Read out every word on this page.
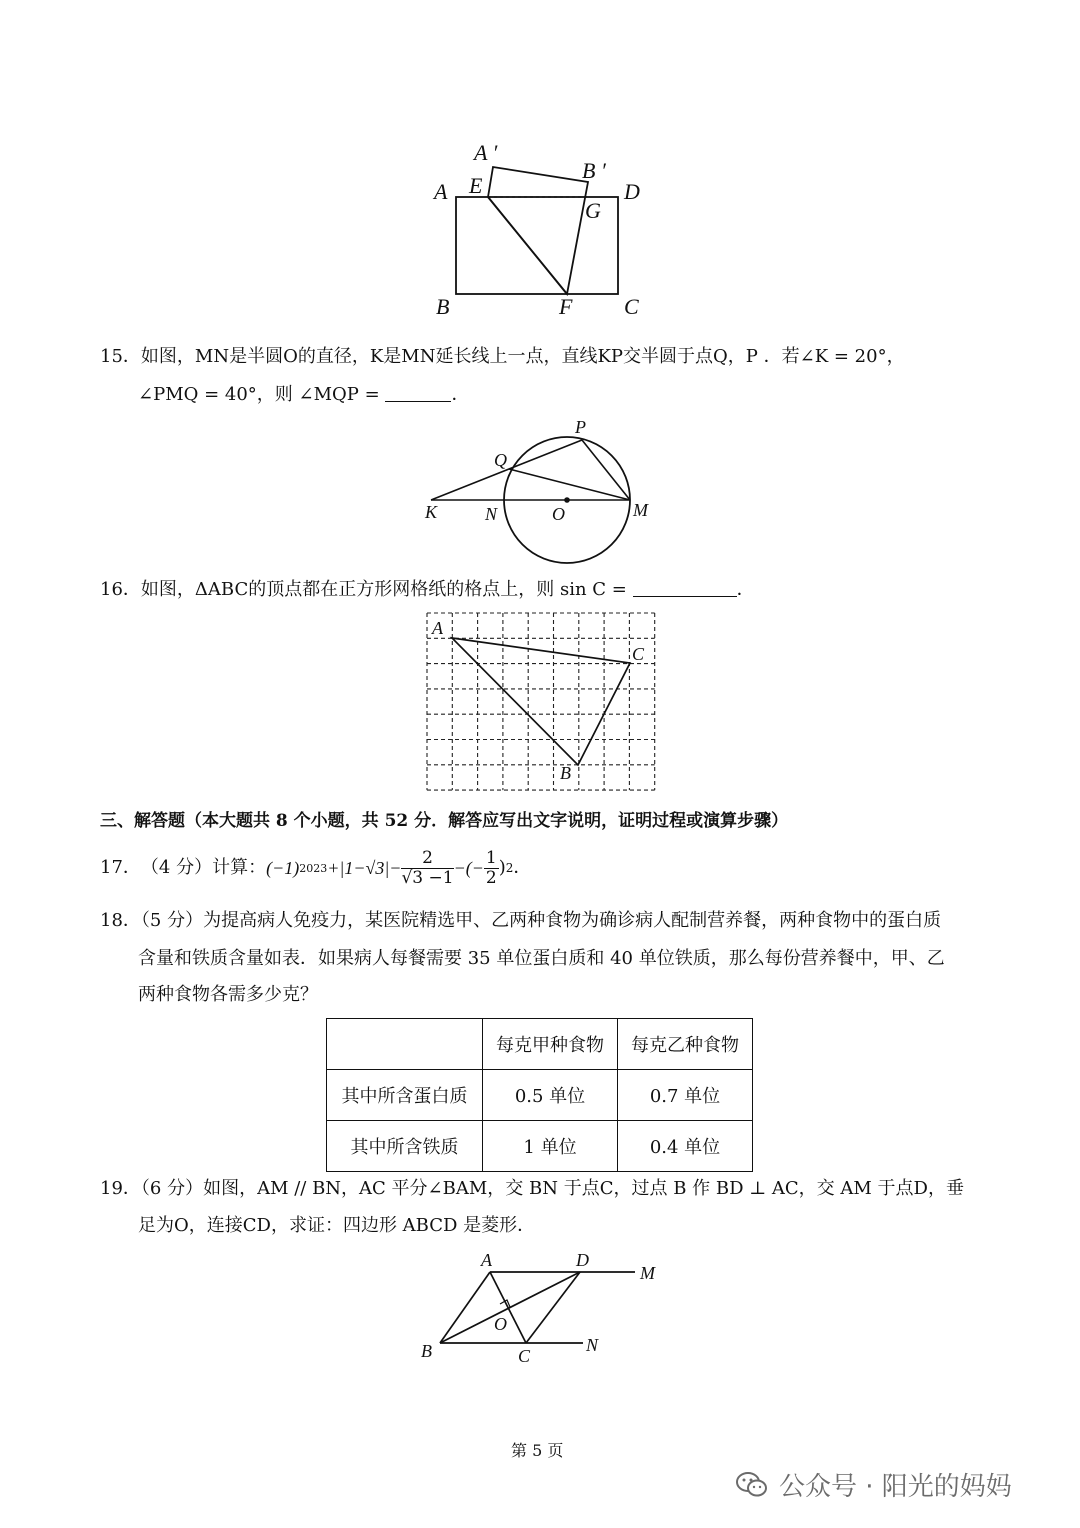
A ′
B ′
A E	D
G
B	F C
15．如图，MN是半圆O的直径，K是MN延长线上一点，直线KP交半圆于点Q，P ．若∠K = 20°，
∠PMQ = 40°，则 ∠MQP =	．
P
Q
K	N	O	M
16．如图，ΔABC的顶点都在正方形网格纸的格点上，则 sin C =	．
A
C
B
三、解答题（本大题共 8 个小题，共 52 分．解答应写出文字说明，证明过程或演算步骤）
17． （4 分）计算： (−1) $2023 +|1-√3|- \frac{2}{√3 -1}$ −(− $\frac{1}{2}$ ) 2 ．
18．（5 分）为提高病人免疫力，某医院精选甲、乙两种食物为确诊病人配制营养餐，两种食物中的蛋白质
含量和铁质含量如表．如果病人每餐需要 35 单位蛋白质和 40 单位铁质，那么每份营养餐中，甲、乙
两种食物各需多少克？
	每克甲种食物	每克乙种食物
其中所含蛋白质	0.5 单位	0.7 单位
其中所含铁质	1 单位	0.4 单位
19．（6 分）如图，AM // BN，AC 平分∠BAM，交 BN 于点C，过点 B 作 BD ⊥ AC，交 AM 于点D，垂
足为O，连接CD，求证：四边形 ABCD 是菱形．
A	D
M
O
B	C
N
第 5 页
公众号 · 阳光的妈妈
